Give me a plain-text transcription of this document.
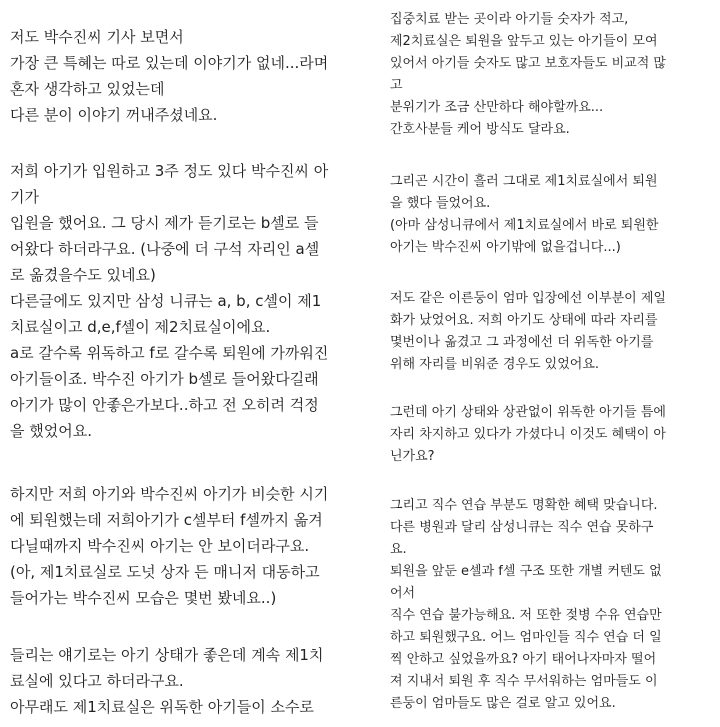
저도 박수진씨 기사 보면서
가장 큰 특혜는 따로 있는데 이야기가 없네...라며
혼자 생각하고 있었는데
다른 분이 이야기 꺼내주셨네요.
저희 아기가 입원하고 3주 정도 있다 박수진씨 아
기가
입원을 했어요. 그 당시 제가 듣기로는 b셀로 들
어왔다 하더라구요. (나중에 더 구석 자리인 a셀
로 옮겼을수도 있네요)
다른글에도 있지만 삼성 니큐는 a, b, c셀이 제1
치료실이고 d,e,f셀이 제2치료실이에요.
a로 갈수록 위독하고 f로 갈수록 퇴원에 가까워진
아기들이죠. 박수진 아기가 b셀로 들어왔다길래
아기가 많이 안좋은가보다..하고 전 오히려 걱정
을 했었어요.
하지만 저희 아기와 박수진씨 아기가 비슷한 시기
에 퇴원했는데 저희아기가 c셀부터 f셀까지 옮겨
다닐때까지 박수진씨 아기는 안 보이더라구요.
(아, 제1치료실로 도넛 상자 든 매니저 대동하고
들어가는 박수진씨 모습은 몇번 봤네요..)
들리는 얘기로는 아기 상태가 좋은데 계속 제1치
료실에 있다고 하더라구요.
아무래도 제1치료실은 위독한 아기들이 소수로
집중치료 받는 곳이라 아기들 숫자가 적고,
제2치료실은 퇴원을 앞두고 있는 아기들이 모여
있어서 아기들 숫자도 많고 보호자들도 비교적 많
고
분위기가 조금 산만하다 해야할까요...
간호사분들 케어 방식도 달라요.
그리곤 시간이 흘러 그대로 제1치료실에서 퇴원
을 했다 들었어요.
(아마 삼성니큐에서 제1치료실에서 바로 퇴원한
아기는 박수진씨 아기밖에 없을겁니다...)
저도 같은 이른둥이 엄마 입장에선 이부분이 제일
화가 났었어요. 저희 아기도 상태에 따라 자리를
몇번이나 옮겼고 그 과정에선 더 위독한 아기를
위해 자리를 비워준 경우도 있었어요.
그런데 아기 상태와 상관없이 위독한 아기들 틈에
자리 차지하고 있다가 가셨다니 이것도 혜택이 아
닌가요?
그리고 직수 연습 부분도 명확한 혜택 맞습니다.
다른 병원과 달리 삼성니큐는 직수 연습 못하구
요.
퇴원을 앞둔 e셀과 f셀 구조 또한 개별 커텐도 없
어서
직수 연습 불가능해요. 저 또한 젖병 수유 연습만
하고 퇴원했구요. 어느 엄마인들 직수 연습 더 일
찍 안하고 싶었을까요? 아기 태어나자마자 떨어
져 지내서 퇴원 후 직수 무서워하는 엄마들도 이
른둥이 엄마들도 많은 걸로 알고 있어요.
